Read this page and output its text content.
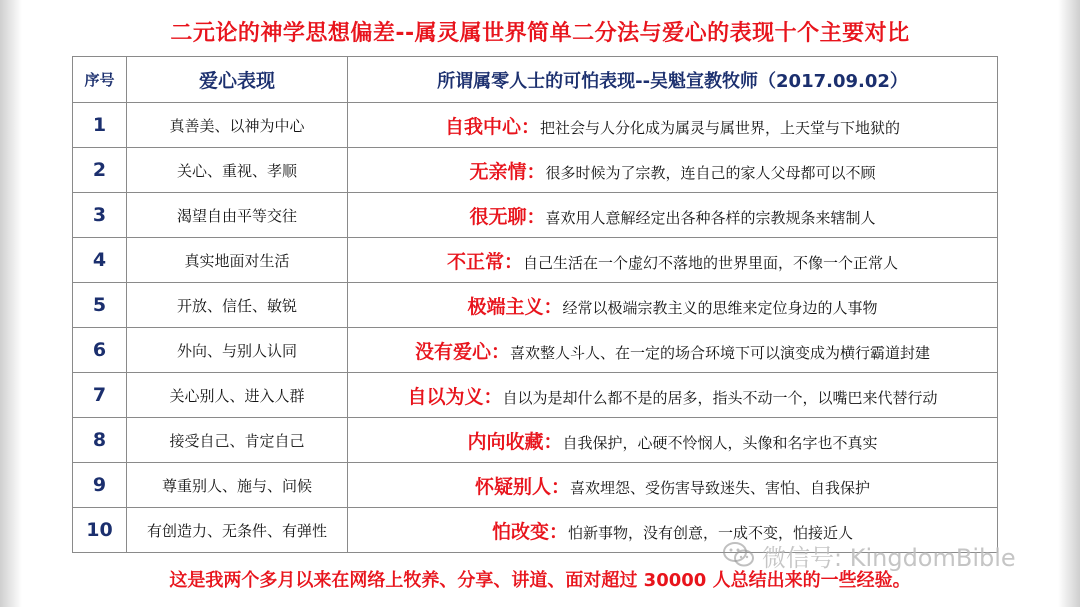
二元论的神学思想偏差--属灵属世界简单二分法与爱心的表现十个主要对比
序号	爱心表现	所谓属零人士的可怕表现--吴魁宣教牧师（2017.09.02）
1	真善美、以神为中心	自我中心：把社会与人分化成为属灵与属世界，上天堂与下地狱的
2	关心、重视、孝顺	无亲情：很多时候为了宗教，连自己的家人父母都可以不顾
3	渴望自由平等交往	很无聊：喜欢用人意解经定出各种各样的宗教规条来辖制人
4	真实地面对生活	不正常：自己生活在一个虚幻不落地的世界里面，不像一个正常人
5	开放、信任、敏锐	极端主义：经常以极端宗教主义的思维来定位身边的人事物
6	外向、与别人认同	没有爱心：喜欢整人斗人、在一定的场合环境下可以演变成为横行霸道封建
7	关心别人、进入人群	自以为义：自以为是却什么都不是的居多，指头不动一个，以嘴巴来代替行动
8	接受自己、肯定自己	内向收藏：自我保护，心硬不怜悯人，头像和名字也不真实
9	尊重别人、施与、问候	怀疑别人：喜欢埋怨、受伤害导致迷失、害怕、自我保护
10	有创造力、无条件、有弹性	怕改变：怕新事物，没有创意，一成不变，怕接近人
微信号: KingdomBible
这是我两个多月以来在网络上牧养、分享、讲道、面对超过 30000 人总结出来的一些经验。
